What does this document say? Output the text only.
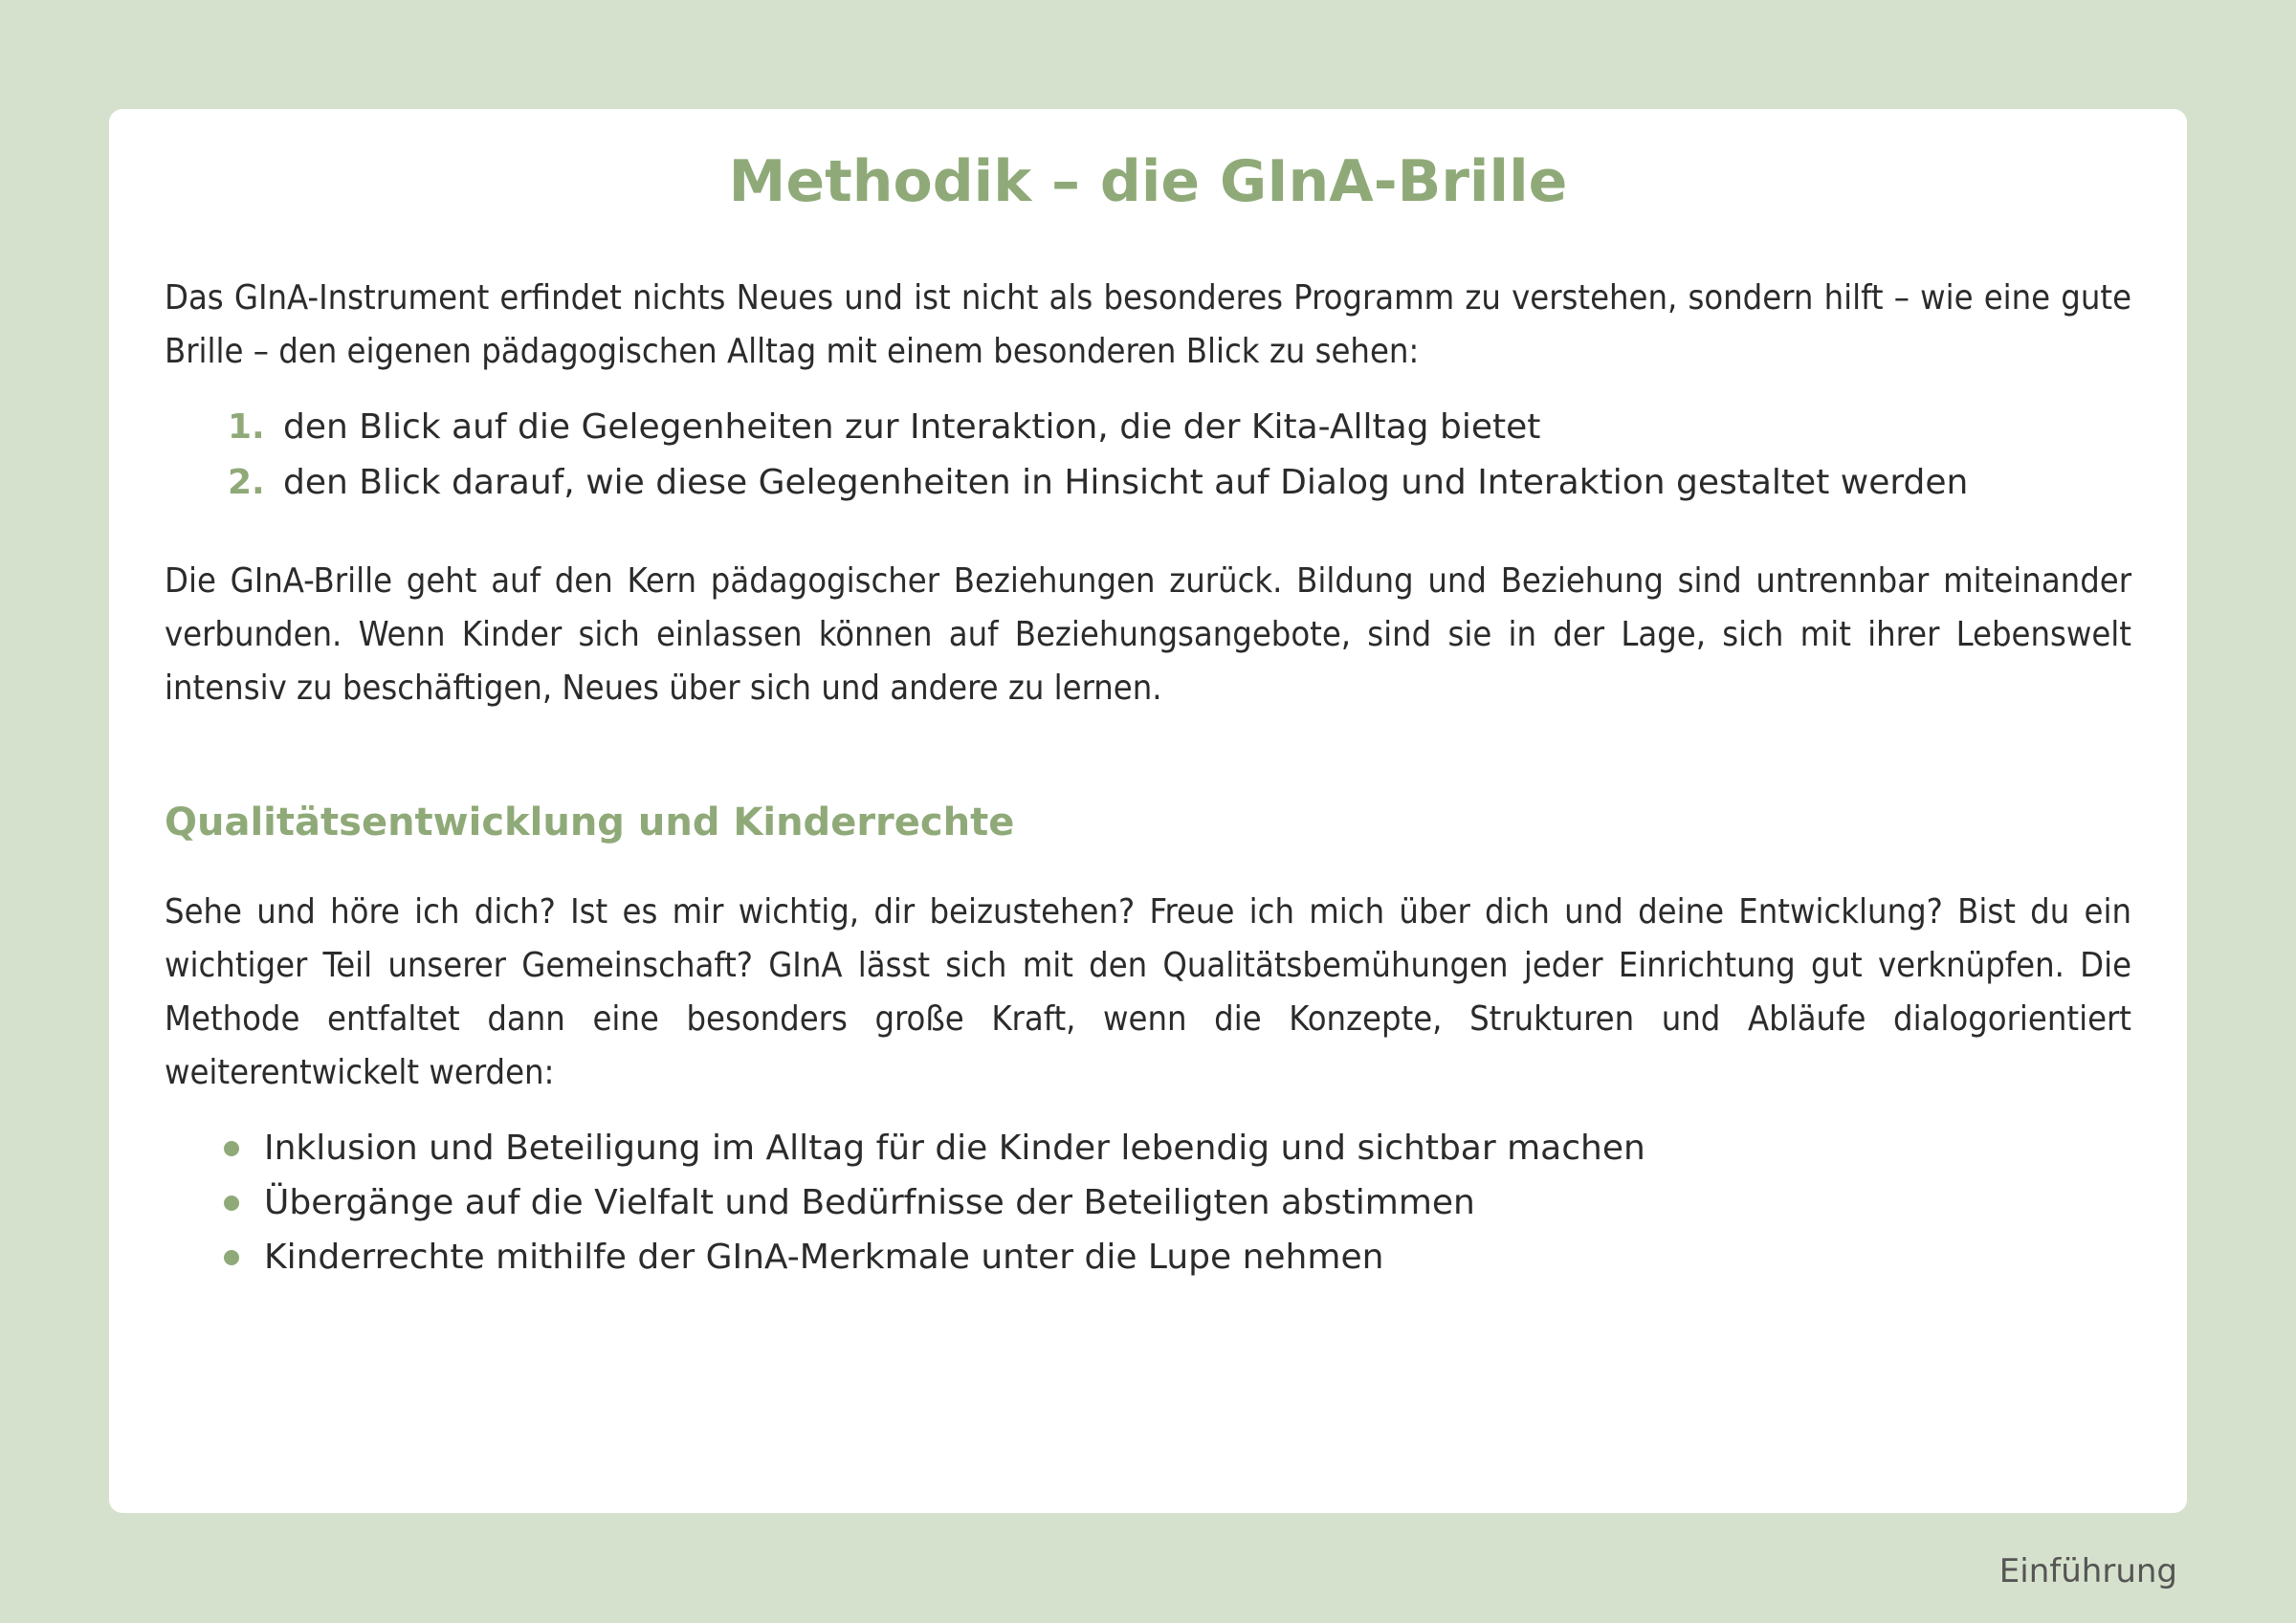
Methodik – die GInA-Brille

Das GInA-Instrument erfindet nichts Neues und ist nicht als besonderes Programm zu verstehen, sondern hilft – wie eine gute Brille – den eigenen pädagogischen Alltag mit einem besonderen Blick zu sehen:

1. den Blick auf die Gelegenheiten zur Interaktion, die der Kita-Alltag bietet
2. den Blick darauf, wie diese Gelegenheiten in Hinsicht auf Dialog und Interaktion gestaltet werden

Die GInA-Brille geht auf den Kern pädagogischer Beziehungen zurück. Bildung und Beziehung sind untrennbar miteinander verbunden. Wenn Kinder sich einlassen können auf Beziehungsangebote, sind sie in der Lage, sich mit ihrer Lebenswelt intensiv zu beschäftigen, Neues über sich und andere zu lernen.

Qualitätsentwicklung und Kinderrechte

Sehe und höre ich dich? Ist es mir wichtig, dir beizustehen? Freue ich mich über dich und deine Entwicklung? Bist du ein wichtiger Teil unserer Gemeinschaft? GInA lässt sich mit den Qualitätsbemühungen jeder Einrichtung gut verknüpfen. Die Methode entfaltet dann eine besonders große Kraft, wenn die Konzepte, Strukturen und Abläufe dialogorientiert weiterentwickelt werden:

Inklusion und Beteiligung im Alltag für die Kinder lebendig und sichtbar machen
Übergänge auf die Vielfalt und Bedürfnisse der Beteiligten abstimmen
Kinderrechte mithilfe der GInA-Merkmale unter die Lupe nehmen
Einführung
